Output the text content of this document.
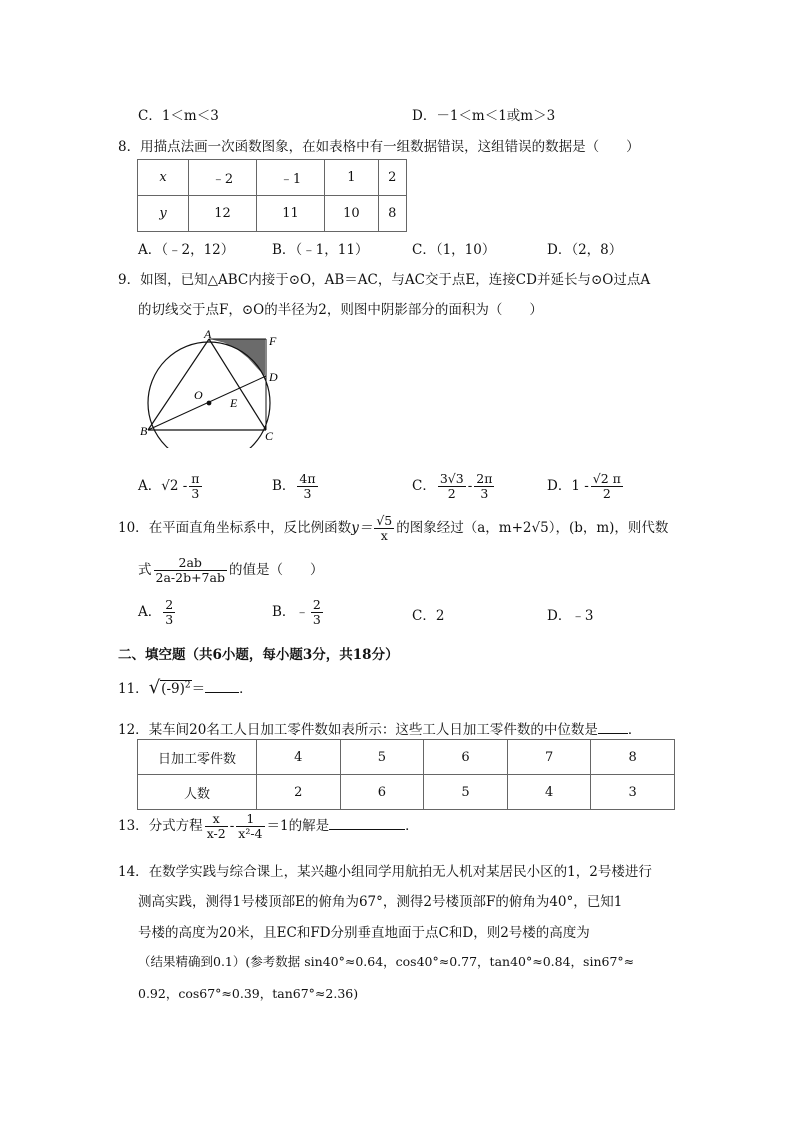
C．1＜m＜3	D．－1＜m＜1或m＞3
8．用描点法画一次函数图象，在如表格中有一组数据错误，这组错误的数据是（　　）
x	﹣2	﹣1	1	2
y	12	11	10	8
A．（﹣2，12）	B．（﹣1，11）	C．（1，10）	D．（2，8）
9．如图，已知△ABC内接于⊙O，AB＝AC，与AC交于点E，连接CD并延长与⊙O过点A
的切线交于点F，⊙O的半径为2，则图中阴影部分的面积为（　　）
A	F
D
O
E
B	C
A．$√2 - \frac{\pi}{3}$	B． $\frac{4\pi}{3}$	C． $\frac{3√3}{2} - \frac{2\pi}{3}$	D．$1 - \frac{√2 \pi}{2}$
10．在平面直角坐标系中，反比例函数$y= \frac{√5}{x}$ 的图象经过（a，m+2√5），(b，m)，则代数
式 $\frac{2ab}{2a-2b+7ab}$ 的值是（　　）
A． $\frac{2}{3}$	B．﹣ $\frac{2}{3}$	C．2	D．﹣3
二、填空题（共6小题，每小题3分，共18分）
11．$√(-9)^2=$	．
12．某车间20名工人日加工零件数如表所示：这些工人日加工零件数的中位数是 ．
日加工零件数	4	5	6	7	8
人数	2	6	5	4	3
13．分式方程 $\frac{x}{x-2} - \frac{1}{\text{x²-4}} =1$的解是	．
14．在数学实践与综合课上，某兴趣小组同学用航拍无人机对某居民小区的1，2号楼进行
测高实践，测得1号楼顶部E的俯角为67°，测得2号楼顶部F的俯角为40°，已知1
号楼的高度为20米，且EC和FD分别垂直地面于点C和D，则2号楼的高度为
（结果精确到0.1）(参考数据 sin40°≈0.64，cos40°≈0.77，tan40°≈0.84，sin67°≈
0.92，cos67°≈0.39，tan67°≈2.36)
